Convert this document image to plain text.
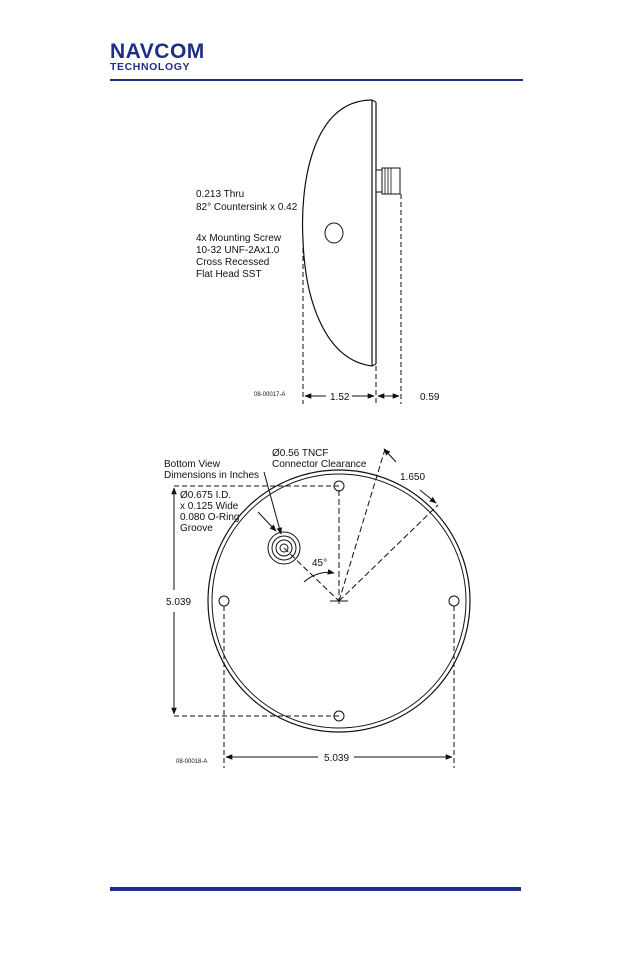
NAVCOM
TECHNOLOGY
1.52	0.59
0.213 Thru
82° Countersink x 0.42
4x Mounting Screw
10-32 UNF-2Ax1.0
Cross Recessed
Flat Head SST
08-00017-A
1.650
45°
5.039
5.039
Bottom View
Dimensions in Inches
Ø0.56 TNCF
Connector Clearance
Ø0.675 I.D.
x 0.125 Wide
0.080 O-Ring
Groove
08-00018-A
